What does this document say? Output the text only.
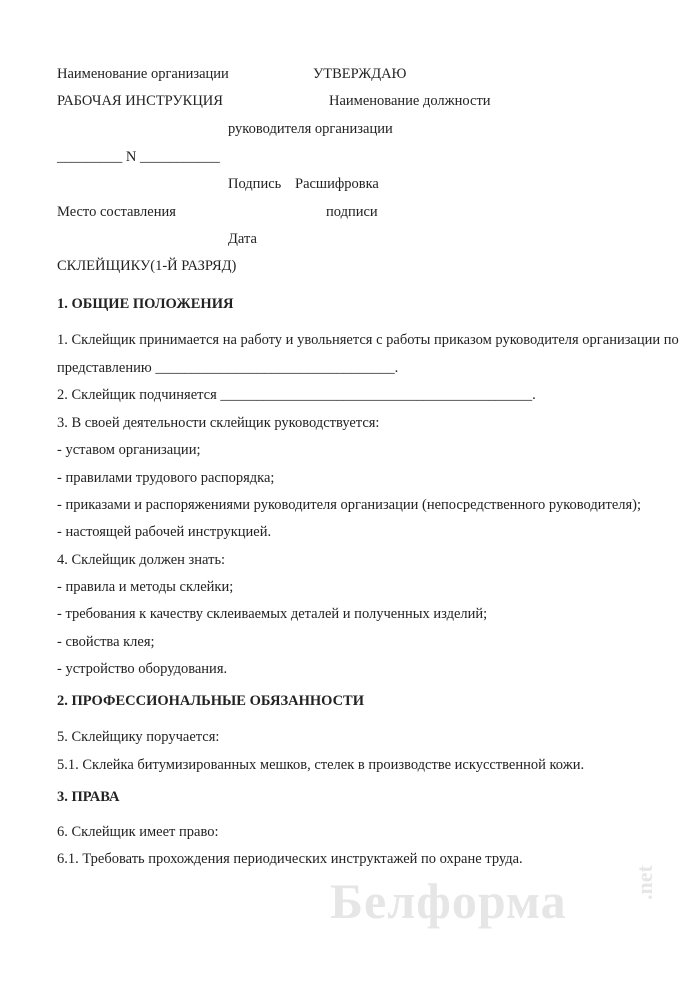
Наименование организации	УТВЕРЖДАЮ
РАБОЧАЯ ИНСТРУКЦИЯ	Наименование должности
руководителя организации
_________ N ___________
Подпись Расшифровка
Место составления	подписи
Дата
СКЛЕЙЩИКУ(1-Й РАЗРЯД)
1. ОБЩИЕ ПОЛОЖЕНИЯ
1. Склейщик принимается на работу и увольняется с работы приказом руководителя организации по
представлению _________________________________.
2. Склейщик подчиняется ___________________________________________.
3. В своей деятельности склейщик руководствуется:
- уставом организации;
- правилами трудового распорядка;
- приказами и распоряжениями руководителя организации (непосредственного руководителя);
- настоящей рабочей инструкцией.
4. Склейщик должен знать:
- правила и методы склейки;
- требования к качеству склеиваемых деталей и полученных изделий;
- свойства клея;
- устройство оборудования.
2. ПРОФЕССИОНАЛЬНЫЕ ОБЯЗАННОСТИ
5. Склейщику поручается:
5.1. Склейка битумизированных мешков, стелек в производстве искусственной кожи.
3. ПРАВА
6. Склейщик имеет право:
6.1. Требовать прохождения периодических инструктажей по охране труда.
Белформа	.net
